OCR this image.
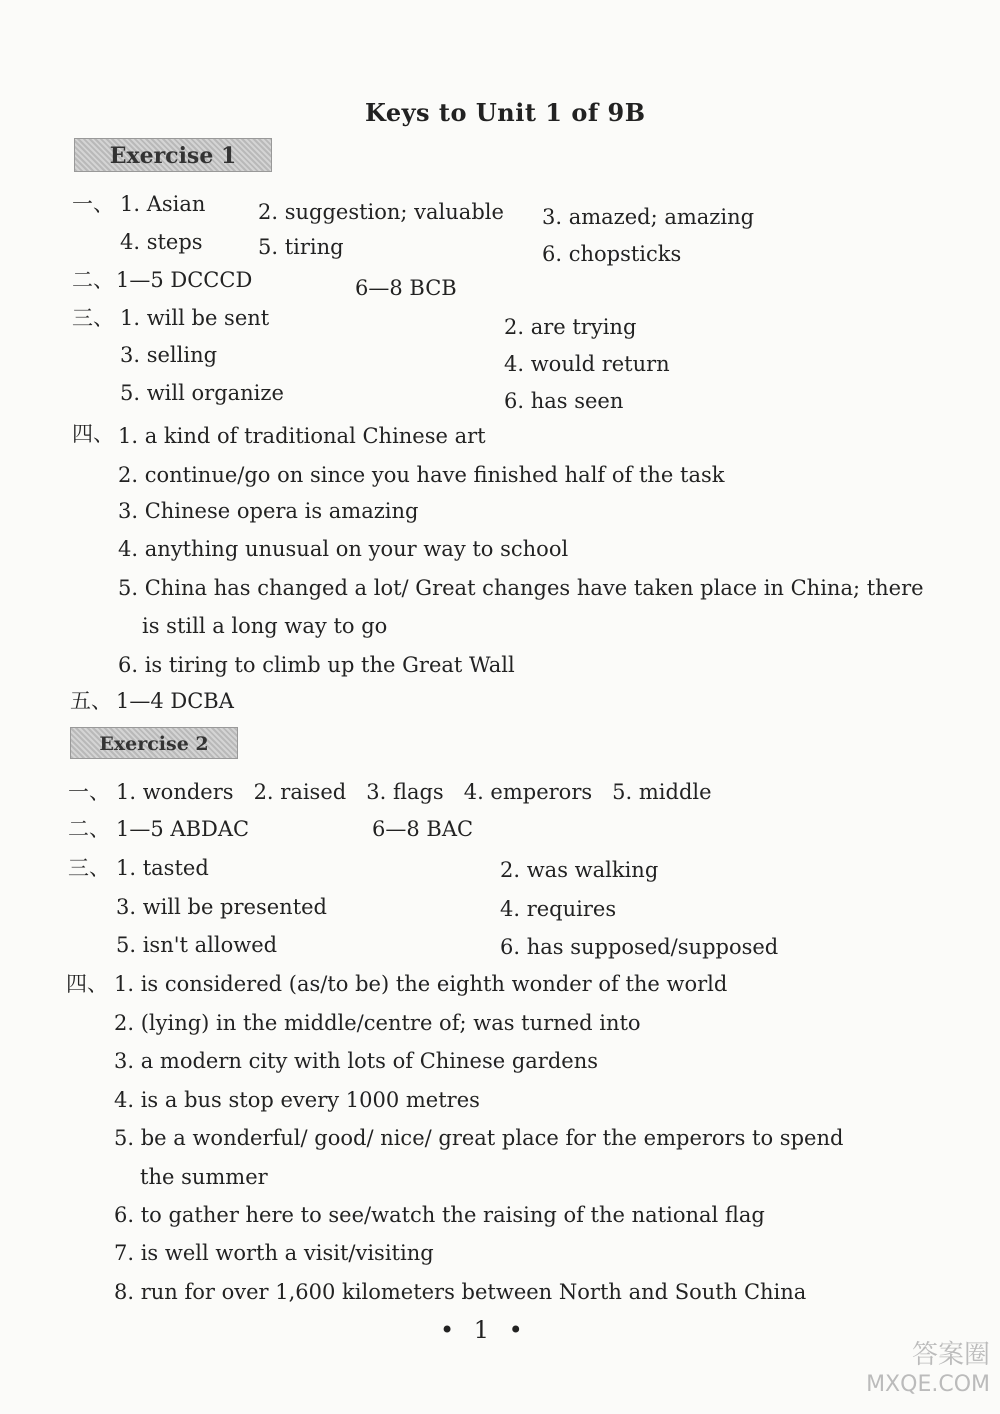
Keys to Unit 1 of 9B
Exercise 1
一、 1. Asian	2. suggestion; valuable 3. amazed; amazing
4. steps	5. tiring	6. chopsticks
二、 1—5 DCCCD	6—8 BCB
三、 1. will be sent	2. are trying
3. selling	4. would return
5. will organize	6. has seen
四、 1. a kind of traditional Chinese art
2. continue/go on since you have finished half of the task
3. Chinese opera is amazing
4. anything unusual on your way to school
5. China has changed a lot/ Great changes have taken place in China; there
is still a long way to go
6. is tiring to climb up the Great Wall
五、 1—4 DCBA
Exercise 2
一、 1. wonders   2. raised   3. flags   4. emperors   5. middle
二、 1—5 ABDAC	6—8 BAC
三、 1. tasted	2. was walking
3. will be presented	4. requires
5. isn't allowed	6. has supposed/supposed
四、 1. is considered (as/to be) the eighth wonder of the world
2. (lying) in the middle/centre of; was turned into
3. a modern city with lots of Chinese gardens
4. is a bus stop every 1000 metres
5. be a wonderful/ good/ nice/ great place for the emperors to spend
the summer
6. to gather here to see/watch the raising of the national flag
7. is well worth a visit/visiting
8. run for over 1,600 kilometers between North and South China
• 1 •
答案圈
MXQE.COM
